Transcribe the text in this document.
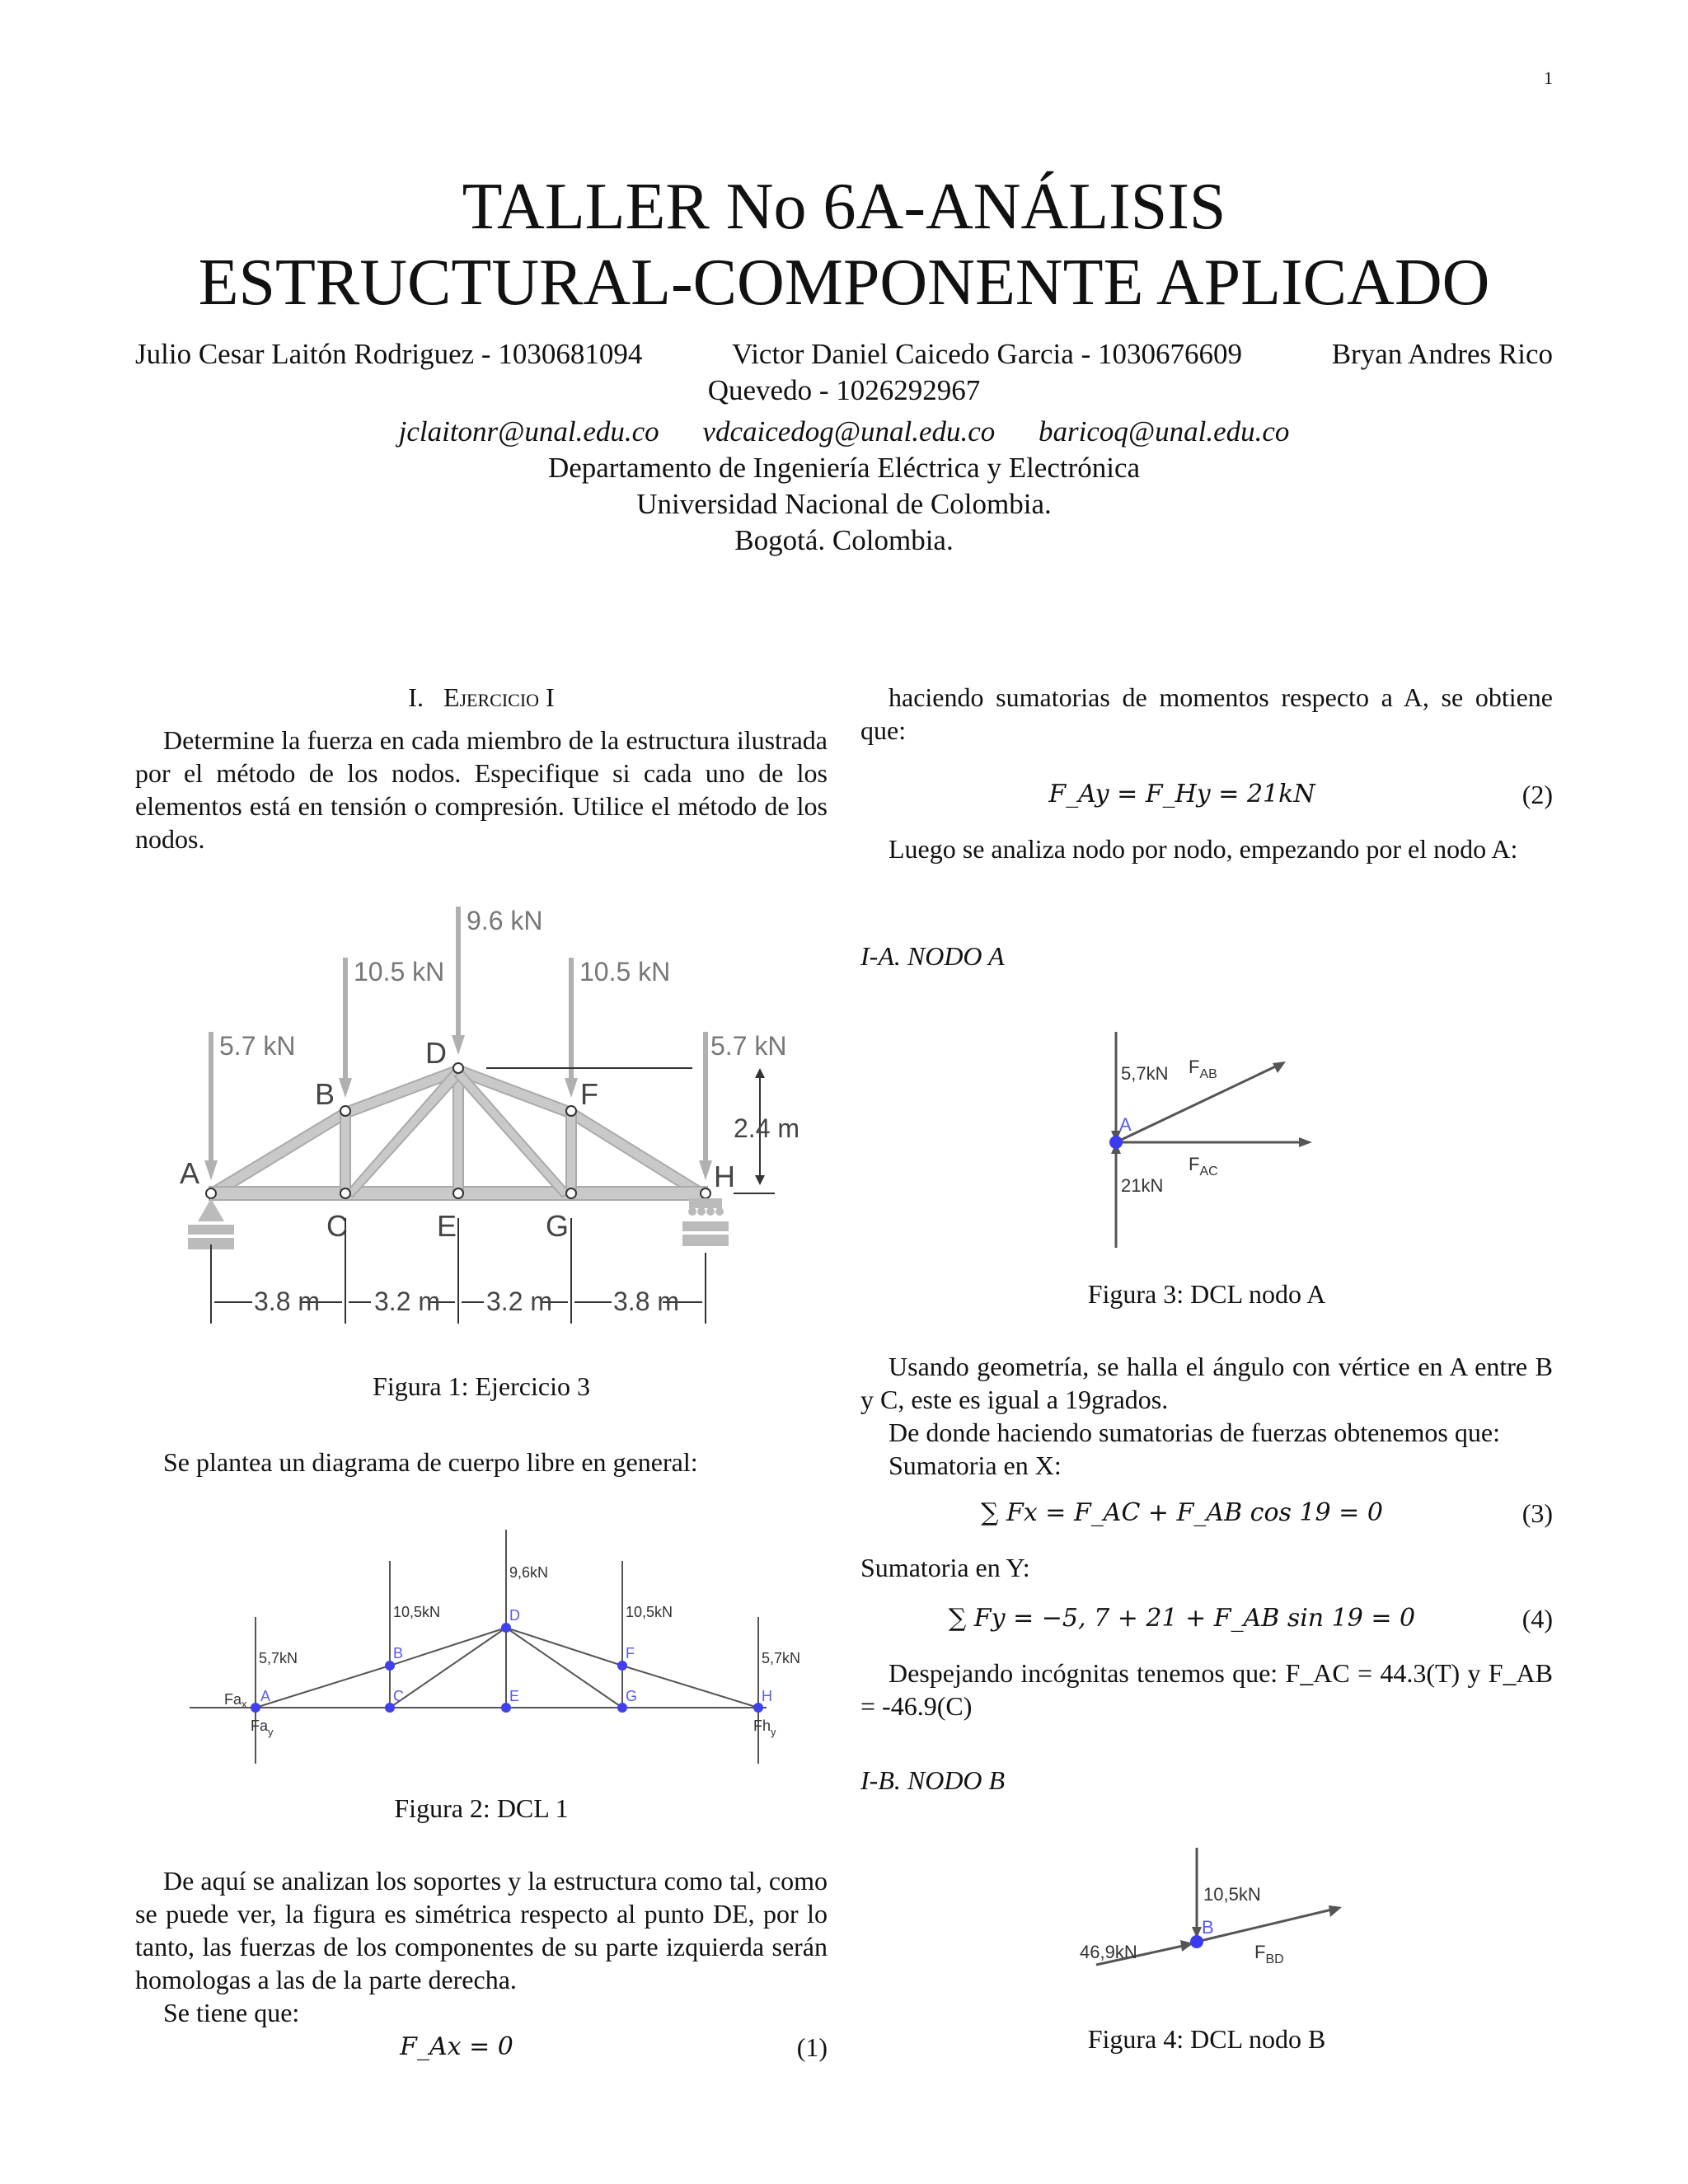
1
TALLER No 6A-ANÁLISIS
ESTRUCTURAL-COMPONENTE APLICADO
Julio Cesar Laitón Rodriguez - 1030681094	Victor Daniel Caicedo Garcia - 1030676609	Bryan Andres Rico
Quevedo - 1026292967
jclaitonr@unal.edu.co vdcaicedog@unal.edu.co baricoq@unal.edu.co
Departamento de Ingeniería Eléctrica y Electrónica
Universidad Nacional de Colombia.
Bogotá. Colombia.
I. Ejercicio I
Determine la fuerza en cada miembro de la estructura ilustrada por el método de los nodos. Especifique si cada uno de los elementos está en tensión o compresión. Utilice el método de los nodos.
5.7 kN
10.5 kN
9.6 kN
10.5 kN
5.7 kN
A
B
C
D
E
F
G
H
2.4 m
3.8 m 3.2 m 3.2 m 3.8 m
Figura 1: Ejercicio 3
Se plantea un diagrama de cuerpo libre en general:
5,7kN
10,5kN
9,6kN
10,5kN
5,7kN
A
B
C
D
E
F
G	H
$Fa_x$
$Fa_y$	$Fh_y$
Figura 2: DCL 1
De aquí se analizan los soportes y la estructura como tal, como se puede ver, la figura es simétrica respecto al punto DE, por lo tanto, las fuerzas de los componentes de su parte izquierda serán homologas a las de la parte derecha.
Se tiene que:
F_Ax = 0	(1)
haciendo sumatorias de momentos respecto a A, se obtiene que:
F_Ay = F_Hy = 21kN	(2)
Luego se analiza nodo por nodo, empezando por el nodo A:
I-A. NODO A
5,7kN $F_{AB}$
$F_{AC}$
21kN
A
Figura 3: DCL nodo A
Usando geometría, se halla el ángulo con vértice en A entre B y C, este es igual a 19grados.
De donde haciendo sumatorias de fuerzas obtenemos que:
Sumatoria en X:
∑ Fx = F_AC + F_AB cos 19 = 0	(3)
Sumatoria en Y:
∑ Fy = −5, 7 + 21 + F_AB sin 19 = 0	(4)
Despejando incógnitas tenemos que: F_AC = 44.3(T) y F_AB = -46.9(C)
I-B. NODO B
10,5kN
46,9kN	$F_{BD}$
B
Figura 4: DCL nodo B
